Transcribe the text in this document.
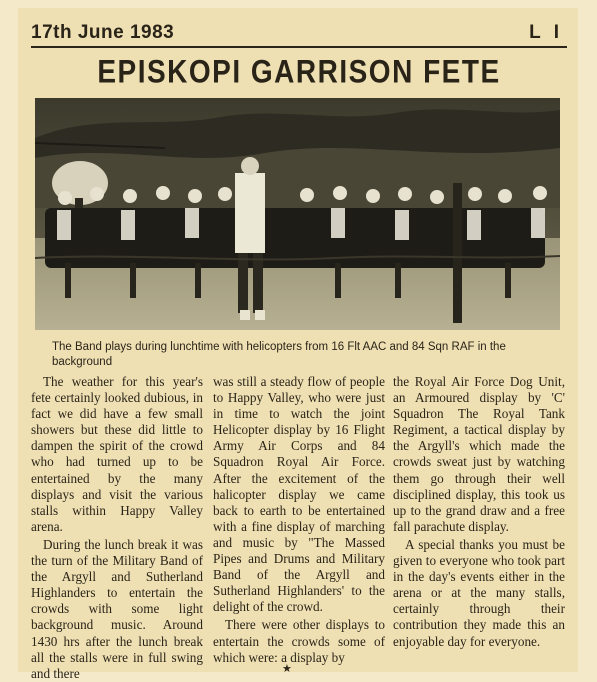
17th June 1983	L I
EPISKOPI GARRISON FETE
The Band plays during lunchtime with helicopters from 16 Flt AAC and 84 Sqn RAF in the background

The weather for this year's fete certainly looked dubious, in fact we did have a few small showers but these did little to dampen the spirit of the crowd who had turned up to be entertained by the many displays and visit the various stalls within Happy Valley arena.

During the lunch break it was the turn of the Military Band of the Argyll and Sutherland Highlanders to entertain the crowds with some light background music. Around 1430 hrs after the lunch break all the stalls were in full swing and there

was still a steady flow of people to Happy Valley, who were just in time to watch the joint Helicopter display by 16 Flight Army Air Corps and 84 Squadron Royal Air Force. After the excitement of the halicopter display we came back to earth to be entertained with a fine display of marching and music by "The Massed Pipes and Drums and Military Band of the Argyll and Sutherland Highlanders' to the delight of the crowd.

There were other displays to entertain the crowds some of which were: a display by

the Royal Air Force Dog Unit, an Armoured display by 'C' Squadron The Royal Tank Regiment, a tactical display by the Argyll's which made the crowds sweat just by watching them go through their well disciplined display, this took us up to the grand draw and a free fall parachute display.

A special thanks you must be given to everyone who took part in the day's events either in the arena or at the many stalls, certainly through their contribution they made this an enjoyable day for everyone.

★
